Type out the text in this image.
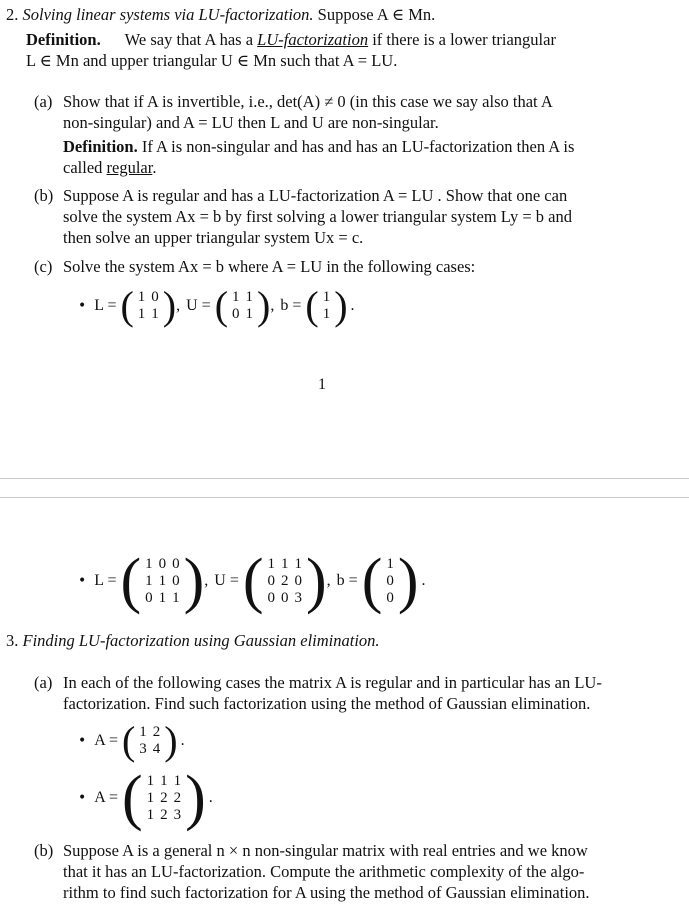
2. Solving linear systems via LU-factorization. Suppose A ∈ Mn.
Definition. We say that A has a LU-factorization if there is a lower triangular
L ∈ Mn and upper triangular U ∈ Mn such that A = LU.
(a) Show that if A is invertible, i.e., det(A) ≠ 0 (in this case we say also that A
non-singular) and A = LU then L and U are non-singular.
Definition. If A is non-singular and has and has an LU-factorization then A is
called regular.
(b) Suppose A is regular and has a LU-factorization A = LU . Show that one can
solve the system Ax = b by first solving a lower triangular system Ly = b and
then solve an upper triangular system Ux = c.
(c) Solve the system Ax = b where A = LU in the following cases:
• L = ( 1	0
1	1 ) , U = ( 1	1
0	1 ) , b = ( 1
1 ) .
1
• L = ( 1	0	0
1	1	0
0	1	1 ) , U = ( 1	1	1
0	2	0
0	0	3 ) , b = ( 1
0
0 ) .
3. Finding LU-factorization using Gaussian elimination.
(a) In each of the following cases the matrix A is regular and in particular has an LU-
factorization. Find such factorization using the method of Gaussian elimination.
• A = ( 1	2
3	4 ) .
• A = ( 1	1	1
1	2	2
1	2	3 ) .
(b) Suppose A is a general n × n non-singular matrix with real entries and we know
that it has an LU-factorization. Compute the arithmetic complexity of the algo-
rithm to find such factorization for A using the method of Gaussian elimination.
